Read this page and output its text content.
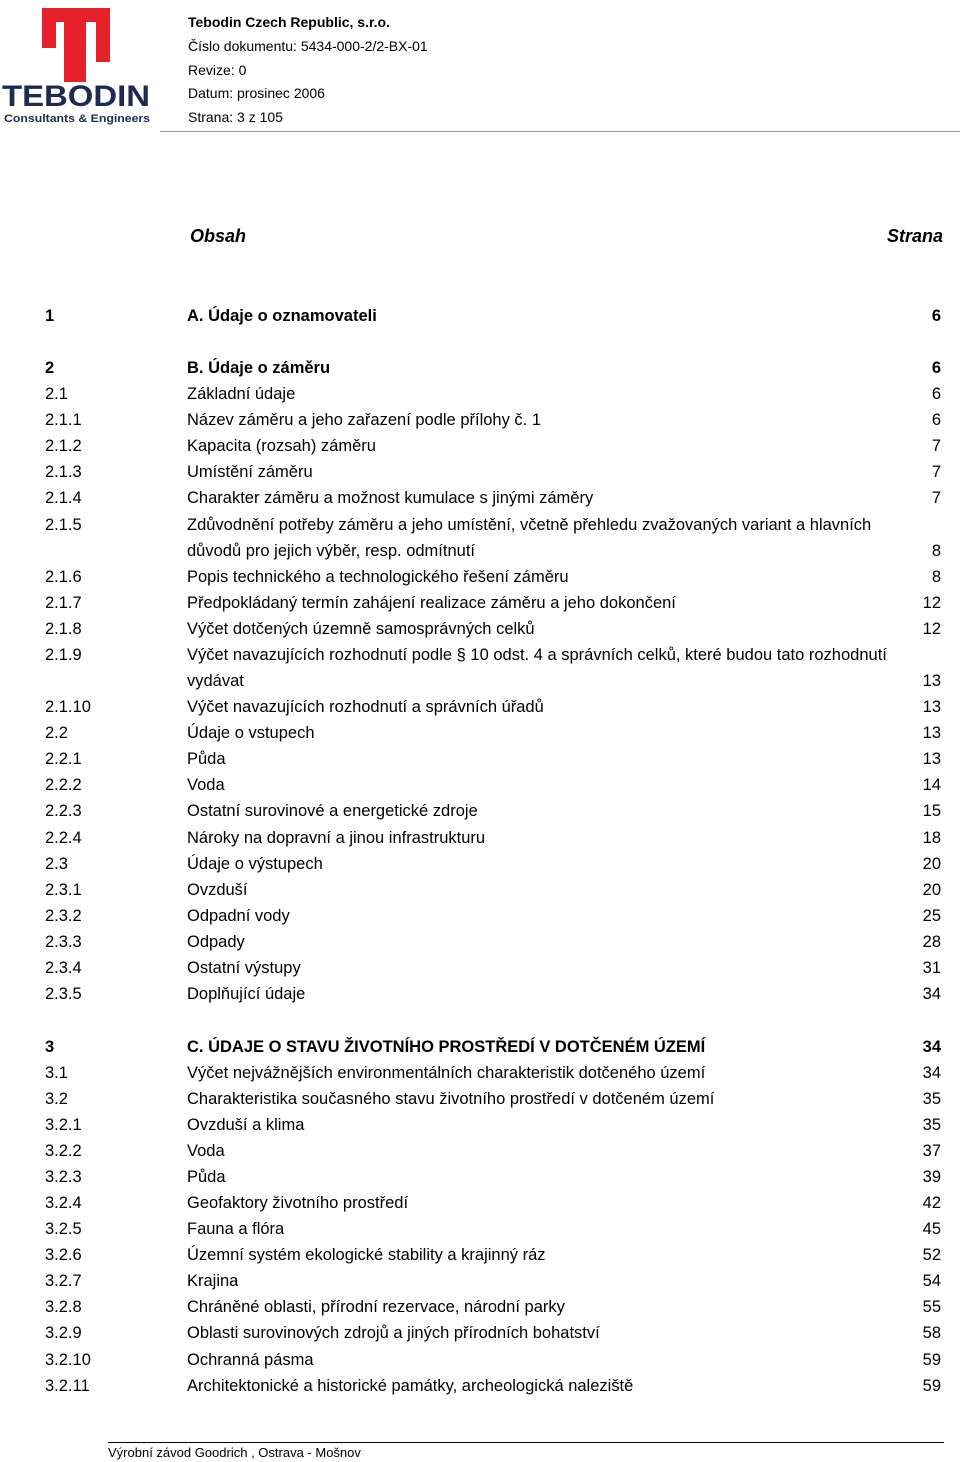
TEBODIN
Consultants & Engineers
Tebodin Czech Republic, s.r.o.
Číslo dokumentu: 5434-000-2/2-BX-01
Revize: 0
Datum: prosinec 2006
Strana: 3 z 105
Obsah	Strana
1	A. Údaje o oznamovateli	6
2	B. Údaje o záměru	6
2.1	Základní údaje	6
2.1.1	Název záměru a jeho zařazení podle přílohy č. 1	6
2.1.2	Kapacita (rozsah) záměru	7
2.1.3	Umístění záměru	7
2.1.4	Charakter záměru a možnost kumulace s jinými záměry	7
2.1.5	Zdůvodnění potřeby záměru a jeho umístění, včetně přehledu zvažovaných variant a hlavních
důvodů pro jejich výběr, resp. odmítnutí	8
2.1.6	Popis technického a technologického řešení záměru	8
2.1.7	Předpokládaný termín zahájení realizace záměru a jeho dokončení	12
2.1.8	Výčet dotčených územně samosprávných celků	12
2.1.9	Výčet navazujících rozhodnutí podle § 10 odst. 4 a správních celků, které budou tato rozhodnutí
vydávat	13
2.1.10	Výčet navazujících rozhodnutí a správních úřadů	13
2.2	Údaje o vstupech	13
2.2.1	Půda	13
2.2.2	Voda	14
2.2.3	Ostatní surovinové a energetické zdroje	15
2.2.4	Nároky na dopravní a jinou infrastrukturu	18
2.3	Údaje o výstupech	20
2.3.1	Ovzduší	20
2.3.2	Odpadní vody	25
2.3.3	Odpady	28
2.3.4	Ostatní výstupy	31
2.3.5	Doplňující údaje	34
3	C. ÚDAJE O STAVU ŽIVOTNÍHO PROSTŘEDÍ V DOTČENÉM ÚZEMÍ	34
3.1	Výčet nejvážnějších environmentálních charakteristik dotčeného území	34
3.2	Charakteristika současného stavu životního prostředí v dotčeném území	35
3.2.1	Ovzduší a klima	35
3.2.2	Voda	37
3.2.3	Půda	39
3.2.4	Geofaktory životního prostředí	42
3.2.5	Fauna a flóra	45
3.2.6	Územní systém ekologické stability a krajinný ráz	52
3.2.7	Krajina	54
3.2.8	Chráněné oblasti, přírodní rezervace, národní parky	55
3.2.9	Oblasti surovinových zdrojů a jiných přírodních bohatství	58
3.2.10	Ochranná pásma	59
3.2.11	Architektonické a historické památky, archeologická naleziště	59
Výrobní závod Goodrich , Ostrava - Mošnov
